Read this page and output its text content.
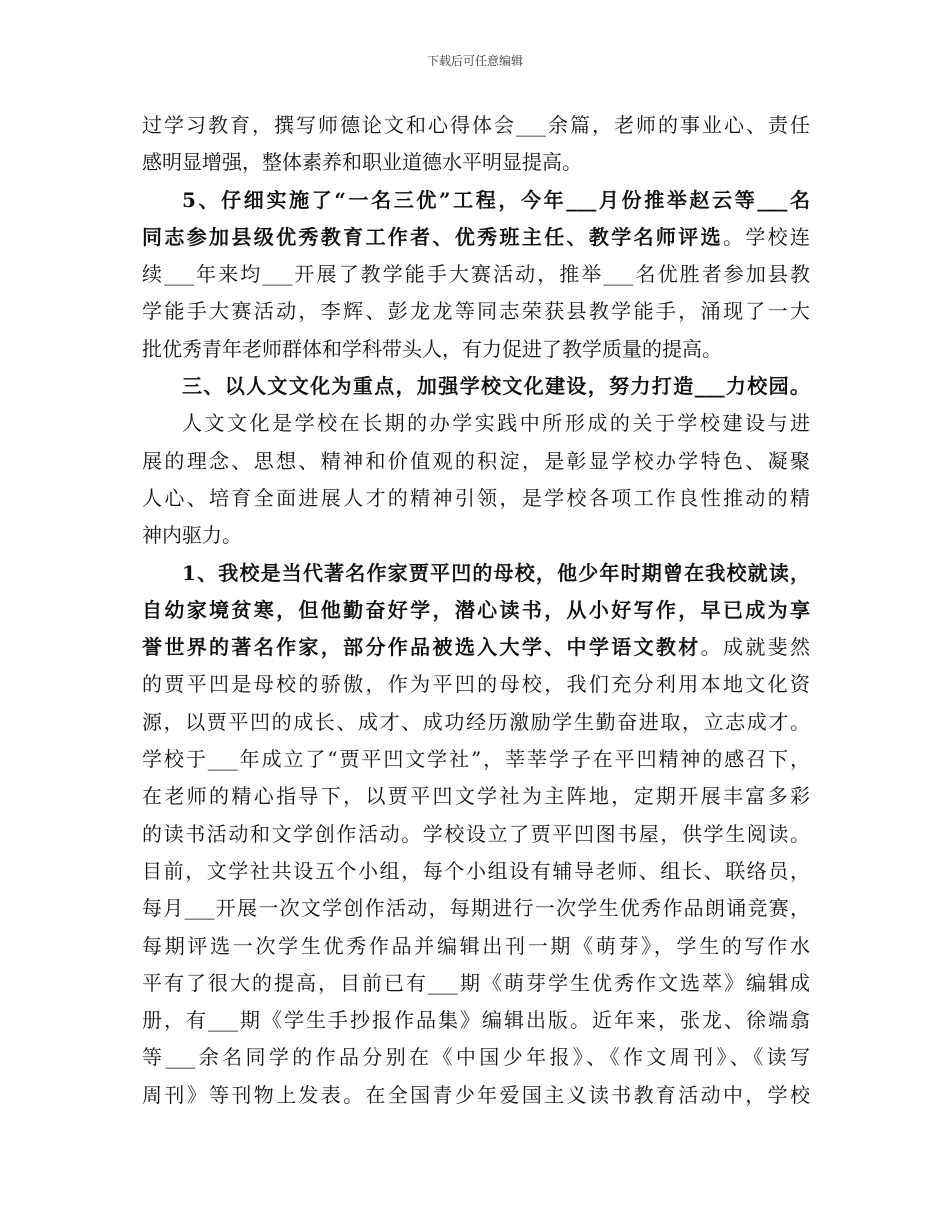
下载后可任意编辑
过学习教育，撰写师德论文和心得体会___余篇，老师的事业心、责任
感明显增强，整体素养和职业道德水平明显提高。
5、仔细实施了“一名三优”工程，今年___月份推举赵云等___名
同志参加县级优秀教育工作者、优秀班主任、教学名师评选。学校连
续___年来均___开展了教学能手大赛活动，推举___名优胜者参加县教
学能手大赛活动，李辉、彭龙龙等同志荣获县教学能手，涌现了一大
批优秀青年老师群体和学科带头人，有力促进了教学质量的提高。
三、以人文文化为重点，加强学校文化建设，努力打造___力校园。
人文文化是学校在长期的办学实践中所形成的关于学校建设与进
展的理念、思想、精神和价值观的积淀，是彰显学校办学特色、凝聚
人心、培育全面进展人才的精神引领，是学校各项工作良性推动的精
神内驱力。
1、我校是当代著名作家贾平凹的母校，他少年时期曾在我校就读，
自幼家境贫寒，但他勤奋好学，潜心读书，从小好写作，早已成为享
誉世界的著名作家，部分作品被选入大学、中学语文教材。成就斐然
的贾平凹是母校的骄傲，作为平凹的母校，我们充分利用本地文化资
源，以贾平凹的成长、成才、成功经历激励学生勤奋进取，立志成才。
学校于___年成立了“贾平凹文学社”，莘莘学子在平凹精神的感召下，
在老师的精心指导下，以贾平凹文学社为主阵地，定期开展丰富多彩
的读书活动和文学创作活动。学校设立了贾平凹图书屋，供学生阅读。
目前，文学社共设五个小组，每个小组设有辅导老师、组长、联络员，
每月___开展一次文学创作活动，每期进行一次学生优秀作品朗诵竞赛，
每期评选一次学生优秀作品并编辑出刊一期《萌芽》，学生的写作水
平有了很大的提高，目前已有___期《萌芽学生优秀作文选萃》编辑成
册，有___期《学生手抄报作品集》编辑出版。近年来，张龙、徐端翕
等___余名同学的作品分别在《中国少年报》、《作文周刊》、《读写
周刊》等刊物上发表。在全国青少年爱国主义读书教育活动中，学校
